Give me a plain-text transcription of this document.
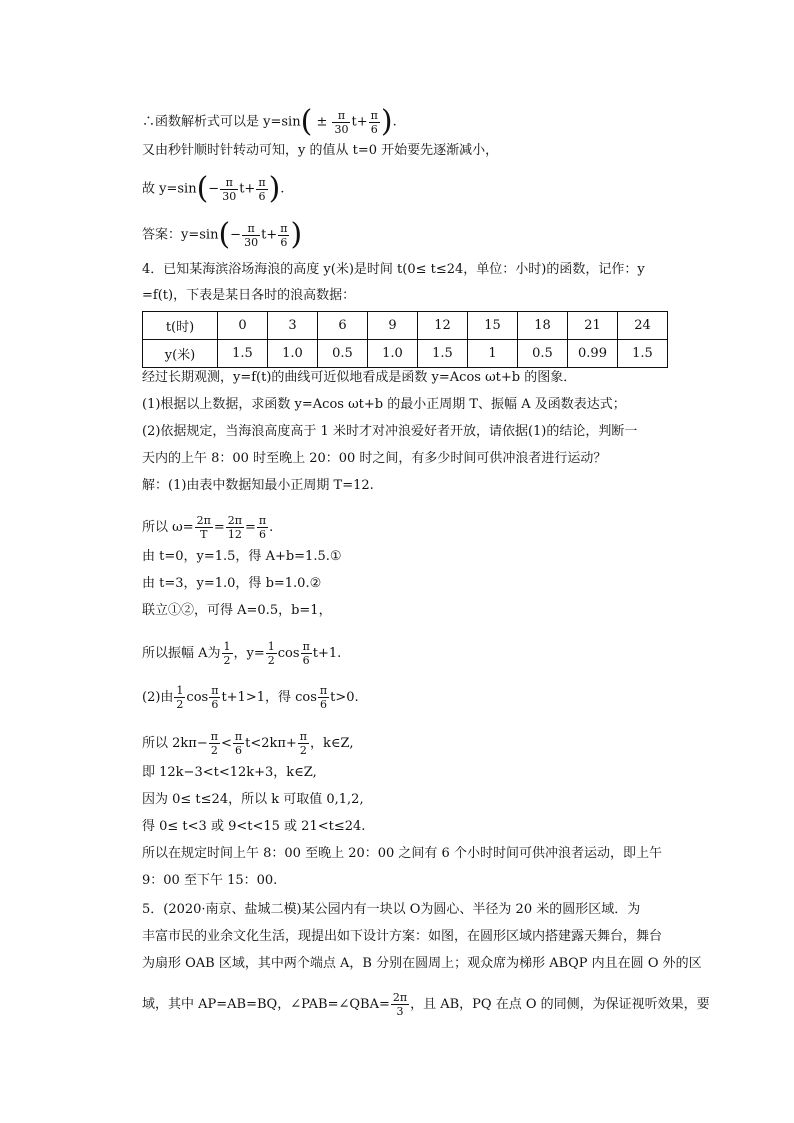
∴函数解析式可以是 $y=\sin( \pm \frac{\pi}{30} t+ \frac{\pi}{6}$ ).
又由秒针顺时针转动可知，y 的值从 t=0 开始要先逐渐减小，
故 $y=\sin(- \frac{\pi}{30} t+ \frac{\pi}{6}$ ).
答案：$y=\sin(- \frac{\pi}{30} t+ \frac{\pi}{6}$ )
4．已知某海滨浴场海浪的高度 y(米)是时间 t(0≤ t≤24，单位：小时)的函数，记作：y
=f(t)，下表是某日各时的浪高数据：
t(时)	0	3	6	9	12	15	18	21	24
y(米)	1.5	1.0	0.5	1.0	1.5	1	0.5	0.99	1.5
经过长期观测，y=f(t)的曲线可近似地看成是函数 y=Acos ωt+b 的图象．
(1)根据以上数据，求函数 y=Acos ωt+b 的最小正周期 T、振幅 A 及函数表达式；
(2)依据规定，当海浪高度高于 1 米时才对冲浪爱好者开放，请依据(1)的结论，判断一
天内的上午 8：00 时至晚上 20：00 时之间，有多少时间可供冲浪者进行运动？
解：(1)由表中数据知最小正周期 T=12.
所以 $\omega= \frac{2\pi}{T} = \frac{2\pi}{12} = \frac{\pi}{6}$ .
由 t=0，y=1.5，得 A+b=1.5.①
由 t=3，y=1.0，得 b=1.0.②
联立①②，可得 A=0.5，b=1，
所以振幅 A为 $\frac{1}{2}$ ，$y= \frac{1}{2}$ $\cos \frac{\pi}{6} t+1$.
(2)由 $\frac{1}{2}$ $\cos \frac{\pi}{6} t+1>1$，得 $\cos \frac{\pi}{6} t>0$.
所以 $2k\pi- \frac{\pi}{2} < \frac{\pi}{6} t<2k\pi+ \frac{\pi}{2}$ ，k∈Z,
即 12k−3<t<12k+3，k∈Z,
因为 0≤ t≤24，所以 k 可取值 0,1,2,
得 0≤ t<3 或 9<t<15 或 21<t≤24.
所以在规定时间上午 8：00 至晚上 20：00 之间有 6 个小时时间可供冲浪者运动，即上午
9：00 至下午 15：00.
5．(2020·南京、盐城二模)某公园内有一块以 O为圆心、半径为 20 米的圆形区域．为
丰富市民的业余文化生活，现提出如下设计方案：如图，在圆形区域内搭建露天舞台，舞台
为扇形 OAB 区域，其中两个端点 A，B 分别在圆周上；观众席为梯形 ABQP 内且在圆 O 外的区
域，其中 AP=AB=BQ，∠PAB=∠QBA= $\frac{2\pi}{3}$ ，且 AB，PQ 在点 O 的同侧，为保证视听效果，要
